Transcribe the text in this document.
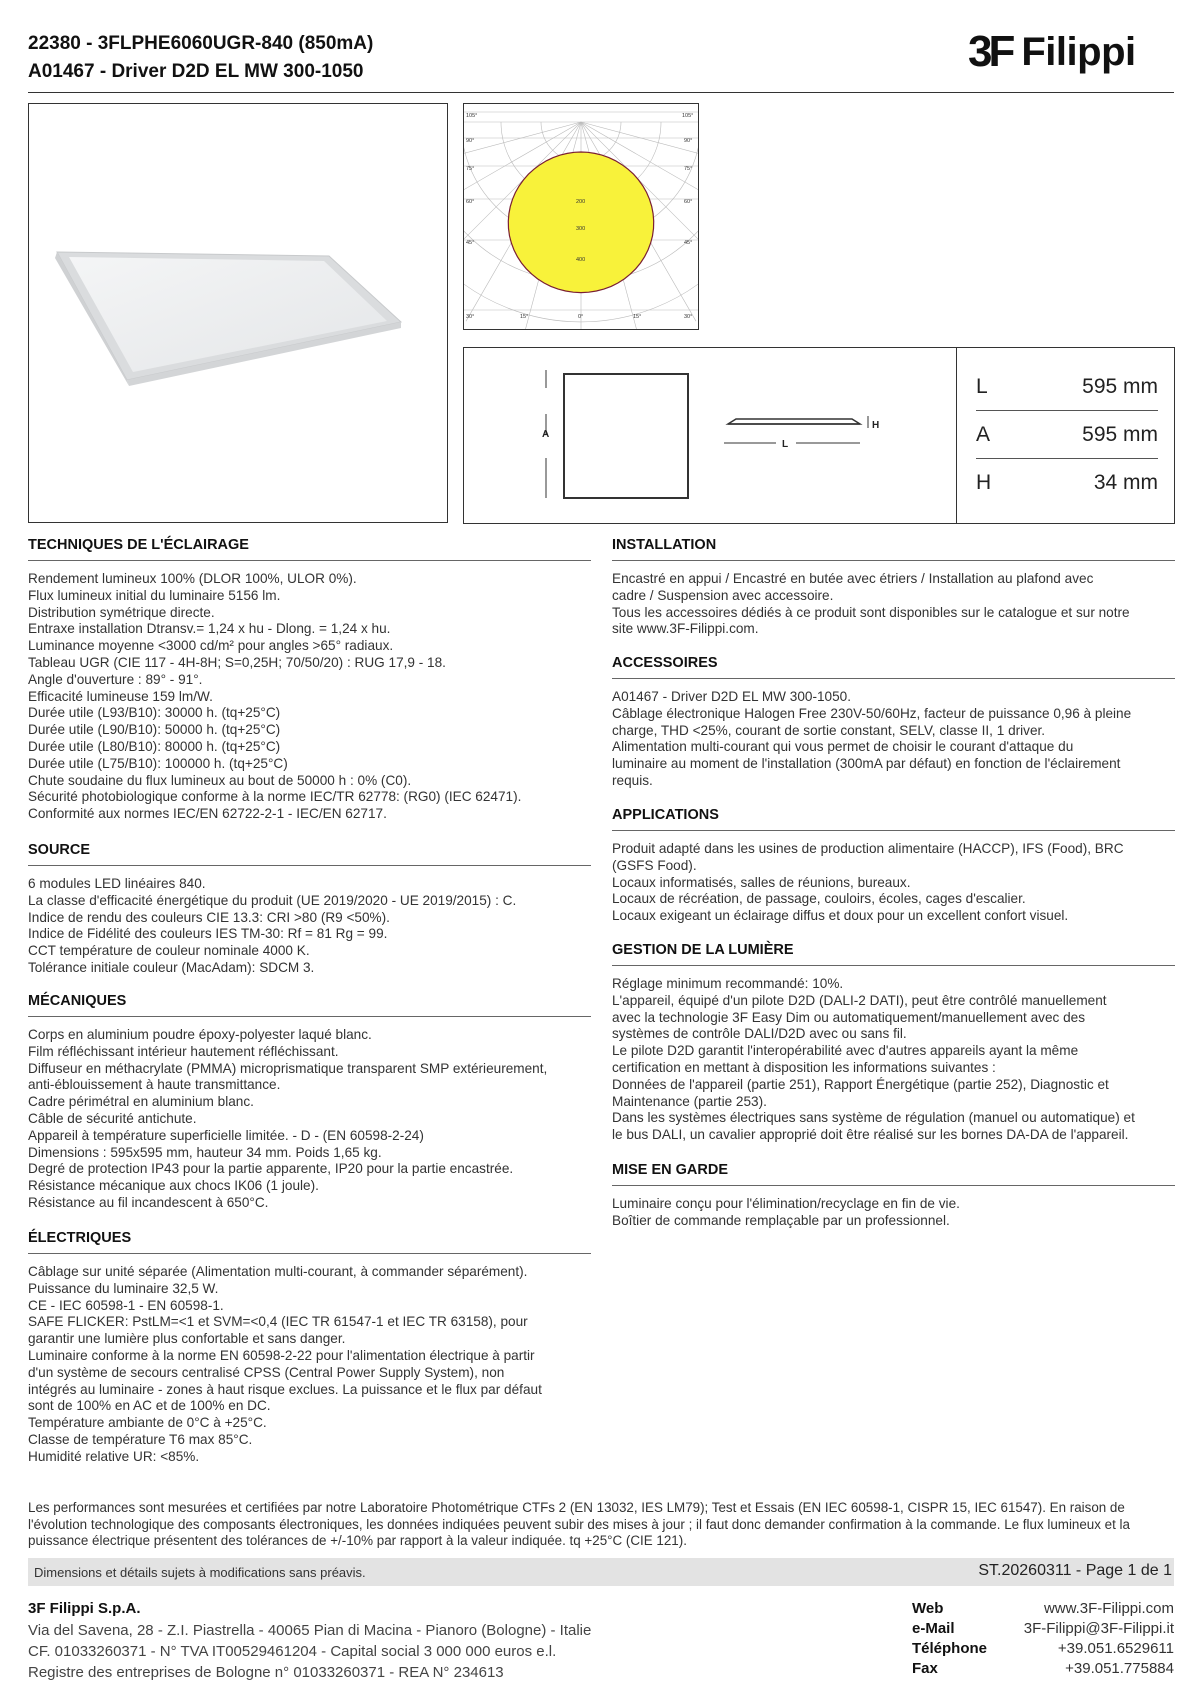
22380 - 3FLPHE6060UGR-840 (850mA)
A01467 - Driver D2D EL MW 300-1050	3F Filippi
105°
90°
75°
60°
45°
105°
90°
75°
60°
45°
30°	15°	0°	15°	30°
200
300
400
A
H
L
L	595 mm
A	595 mm
H	34 mm
TECHNIQUES DE L'ÉCLAIRAGE
Rendement lumineux 100% (DLOR 100%, ULOR 0%).
Flux lumineux initial du luminaire 5156 lm.
Distribution symétrique directe.
Entraxe installation Dtransv.= 1,24 x hu - Dlong. = 1,24 x hu.
Luminance moyenne <3000 cd/m² pour angles >65° radiaux.
Tableau UGR (CIE 117 - 4H-8H; S=0,25H; 70/50/20) : RUG 17,9 - 18.
Angle d'ouverture : 89° - 91°.
Efficacité lumineuse 159 lm/W.
Durée utile (L93/B10): 30000 h. (tq+25°C)
Durée utile (L90/B10): 50000 h. (tq+25°C)
Durée utile (L80/B10): 80000 h. (tq+25°C)
Durée utile (L75/B10): 100000 h. (tq+25°C)
Chute soudaine du flux lumineux au bout de 50000 h : 0% (C0).
Sécurité photobiologique conforme à la norme IEC/TR 62778: (RG0) (IEC 62471).
Conformité aux normes IEC/EN 62722-2-1 - IEC/EN 62717.
SOURCE
6 modules LED linéaires 840.
La classe d'efficacité énergétique du produit (UE 2019/2020 - UE 2019/2015) : C.
Indice de rendu des couleurs CIE 13.3: CRI >80 (R9 <50%).
Indice de Fidélité des couleurs IES TM-30: Rf = 81 Rg = 99.
CCT température de couleur nominale 4000 K.
Tolérance initiale couleur (MacAdam): SDCM 3.
MÉCANIQUES
Corps en aluminium poudre époxy-polyester laqué blanc.
Film réfléchissant intérieur hautement réfléchissant.
Diffuseur en méthacrylate (PMMA) microprismatique transparent SMP extérieurement,
anti-éblouissement à haute transmittance.
Cadre périmétral en aluminium blanc.
Câble de sécurité antichute.
Appareil à température superficielle limitée. - D - (EN 60598-2-24)
Dimensions : 595x595 mm, hauteur 34 mm. Poids 1,65 kg.
Degré de protection IP43 pour la partie apparente, IP20 pour la partie encastrée.
Résistance mécanique aux chocs IK06 (1 joule).
Résistance au fil incandescent à 650°C.
ÉLECTRIQUES
Câblage sur unité séparée (Alimentation multi-courant, à commander séparément).
Puissance du luminaire 32,5 W.
CE - IEC 60598-1 - EN 60598-1.
SAFE FLICKER: PstLM=<1 et SVM=<0,4 (IEC TR 61547-1 et IEC TR 63158), pour
garantir une lumière plus confortable et sans danger.
Luminaire conforme à la norme EN 60598-2-22 pour l'alimentation électrique à partir
d'un système de secours centralisé CPSS (Central Power Supply System), non
intégrés au luminaire - zones à haut risque exclues. La puissance et le flux par défaut
sont de 100% en AC et de 100% en DC.
Température ambiante de 0°C à +25°C.
Classe de température T6 max 85°C.
Humidité relative UR: <85%.
INSTALLATION
Encastré en appui / Encastré en butée avec étriers / Installation au plafond avec
cadre / Suspension avec accessoire.
Tous les accessoires dédiés à ce produit sont disponibles sur le catalogue et sur notre
site www.3F-Filippi.com.
ACCESSOIRES
A01467 - Driver D2D EL MW 300-1050.
Câblage électronique Halogen Free 230V-50/60Hz, facteur de puissance 0,96 à pleine
charge, THD <25%, courant de sortie constant, SELV, classe II, 1 driver.
Alimentation multi-courant qui vous permet de choisir le courant d'attaque du
luminaire au moment de l'installation (300mA par défaut) en fonction de l'éclairement
requis.
APPLICATIONS
Produit adapté dans les usines de production alimentaire (HACCP), IFS (Food), BRC
(GSFS Food).
Locaux informatisés, salles de réunions, bureaux.
Locaux de récréation, de passage, couloirs, écoles, cages d'escalier.
Locaux exigeant un éclairage diffus et doux pour un excellent confort visuel.
GESTION DE LA LUMIÈRE
Réglage minimum recommandé: 10%.
L'appareil, équipé d'un pilote D2D (DALI-2 DATI), peut être contrôlé manuellement
avec la technologie 3F Easy Dim ou automatiquement/manuellement avec des
systèmes de contrôle DALI/D2D avec ou sans fil.
Le pilote D2D garantit l'interopérabilité avec d'autres appareils ayant la même
certification en mettant à disposition les informations suivantes :
Données de l'appareil (partie 251), Rapport Énergétique (partie 252), Diagnostic et
Maintenance (partie 253).
Dans les systèmes électriques sans système de régulation (manuel ou automatique) et
le bus DALI, un cavalier approprié doit être réalisé sur les bornes DA-DA de l'appareil.
MISE EN GARDE
Luminaire conçu pour l'élimination/recyclage en fin de vie.
Boîtier de commande remplaçable par un professionnel.
Les performances sont mesurées et certifiées par notre Laboratoire Photométrique CTFs 2 (EN 13032, IES LM79); Test et Essais (EN IEC 60598-1, CISPR 15, IEC 61547). En raison de l'évolution technologique des composants électroniques, les données indiquées peuvent subir des mises à jour ; il faut donc demander confirmation à la commande. Le flux lumineux et la puissance électrique présentent des tolérances de +/-10% par rapport à la valeur indiquée. tq +25°C (CIE 121).
Dimensions et détails sujets à modifications sans préavis.	ST.20260311 - Page 1 de 1
3F Filippi S.p.A.
Via del Savena, 28 - Z.I. Piastrella - 40065 Pian di Macina - Pianoro (Bologne) - Italie
CF. 01033260371 - N° TVA IT00529461204 - Capital social 3 000 000 euros e.l.
Registre des entreprises de Bologne n° 01033260371 - REA N° 234613
Web	www.3F-Filippi.com
e-Mail	3F-Filippi@3F-Filippi.it
Téléphone	+39.051.6529611
Fax	+39.051.775884
